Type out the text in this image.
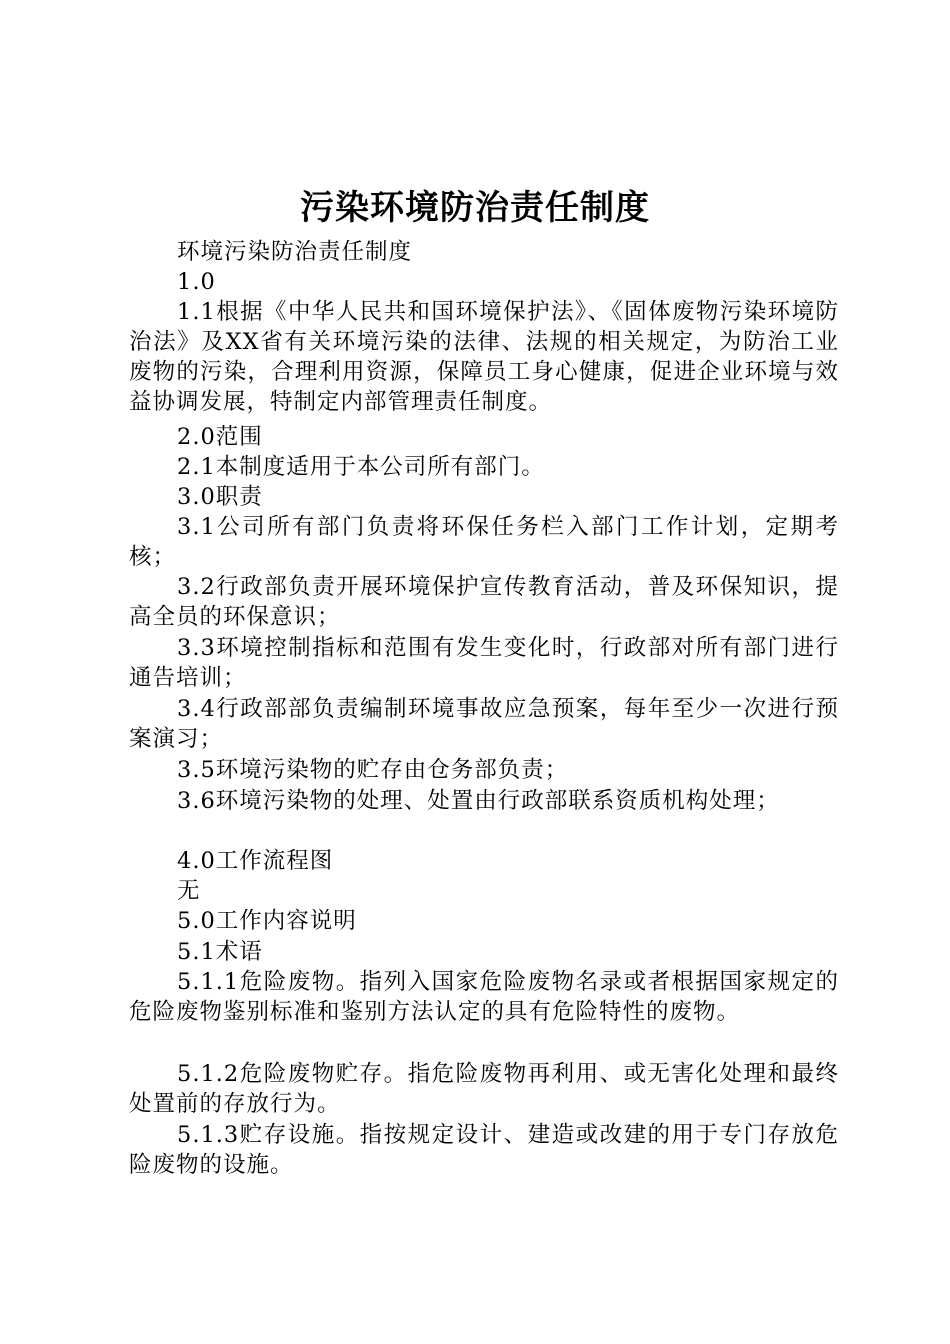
污染环境防治责任制度
环境污染防治责任制度
1.0
1.1根据《中华人民共和国环境保护法》、《固体废物污染环境防治法》及XX省有关环境污染的法律、法规的相关规定，为防治工业废物的污染，合理利用资源，保障员工身心健康，促进企业环境与效益协调发展，特制定内部管理责任制度。
2.0范围
2.1本制度适用于本公司所有部门。
3.0职责
3.1公司所有部门负责将环保任务栏入部门工作计划，定期考核；
3.2行政部负责开展环境保护宣传教育活动，普及环保知识，提高全员的环保意识；
3.3环境控制指标和范围有发生变化时，行政部对所有部门进行通告培训；
3.4行政部部负责编制环境事故应急预案，每年至少一次进行预案演习；
3.5环境污染物的贮存由仓务部负责；
3.6环境污染物的处理、处置由行政部联系资质机构处理；
4.0工作流程图
无
5.0工作内容说明
5.1术语
5.1.1危险废物。指列入国家危险废物名录或者根据国家规定的危险废物鉴别标准和鉴别方法认定的具有危险特性的废物。
5.1.2危险废物贮存。指危险废物再利用、或无害化处理和最终处置前的存放行为。
5.1.3贮存设施。指按规定设计、建造或改建的用于专门存放危险废物的设施。
